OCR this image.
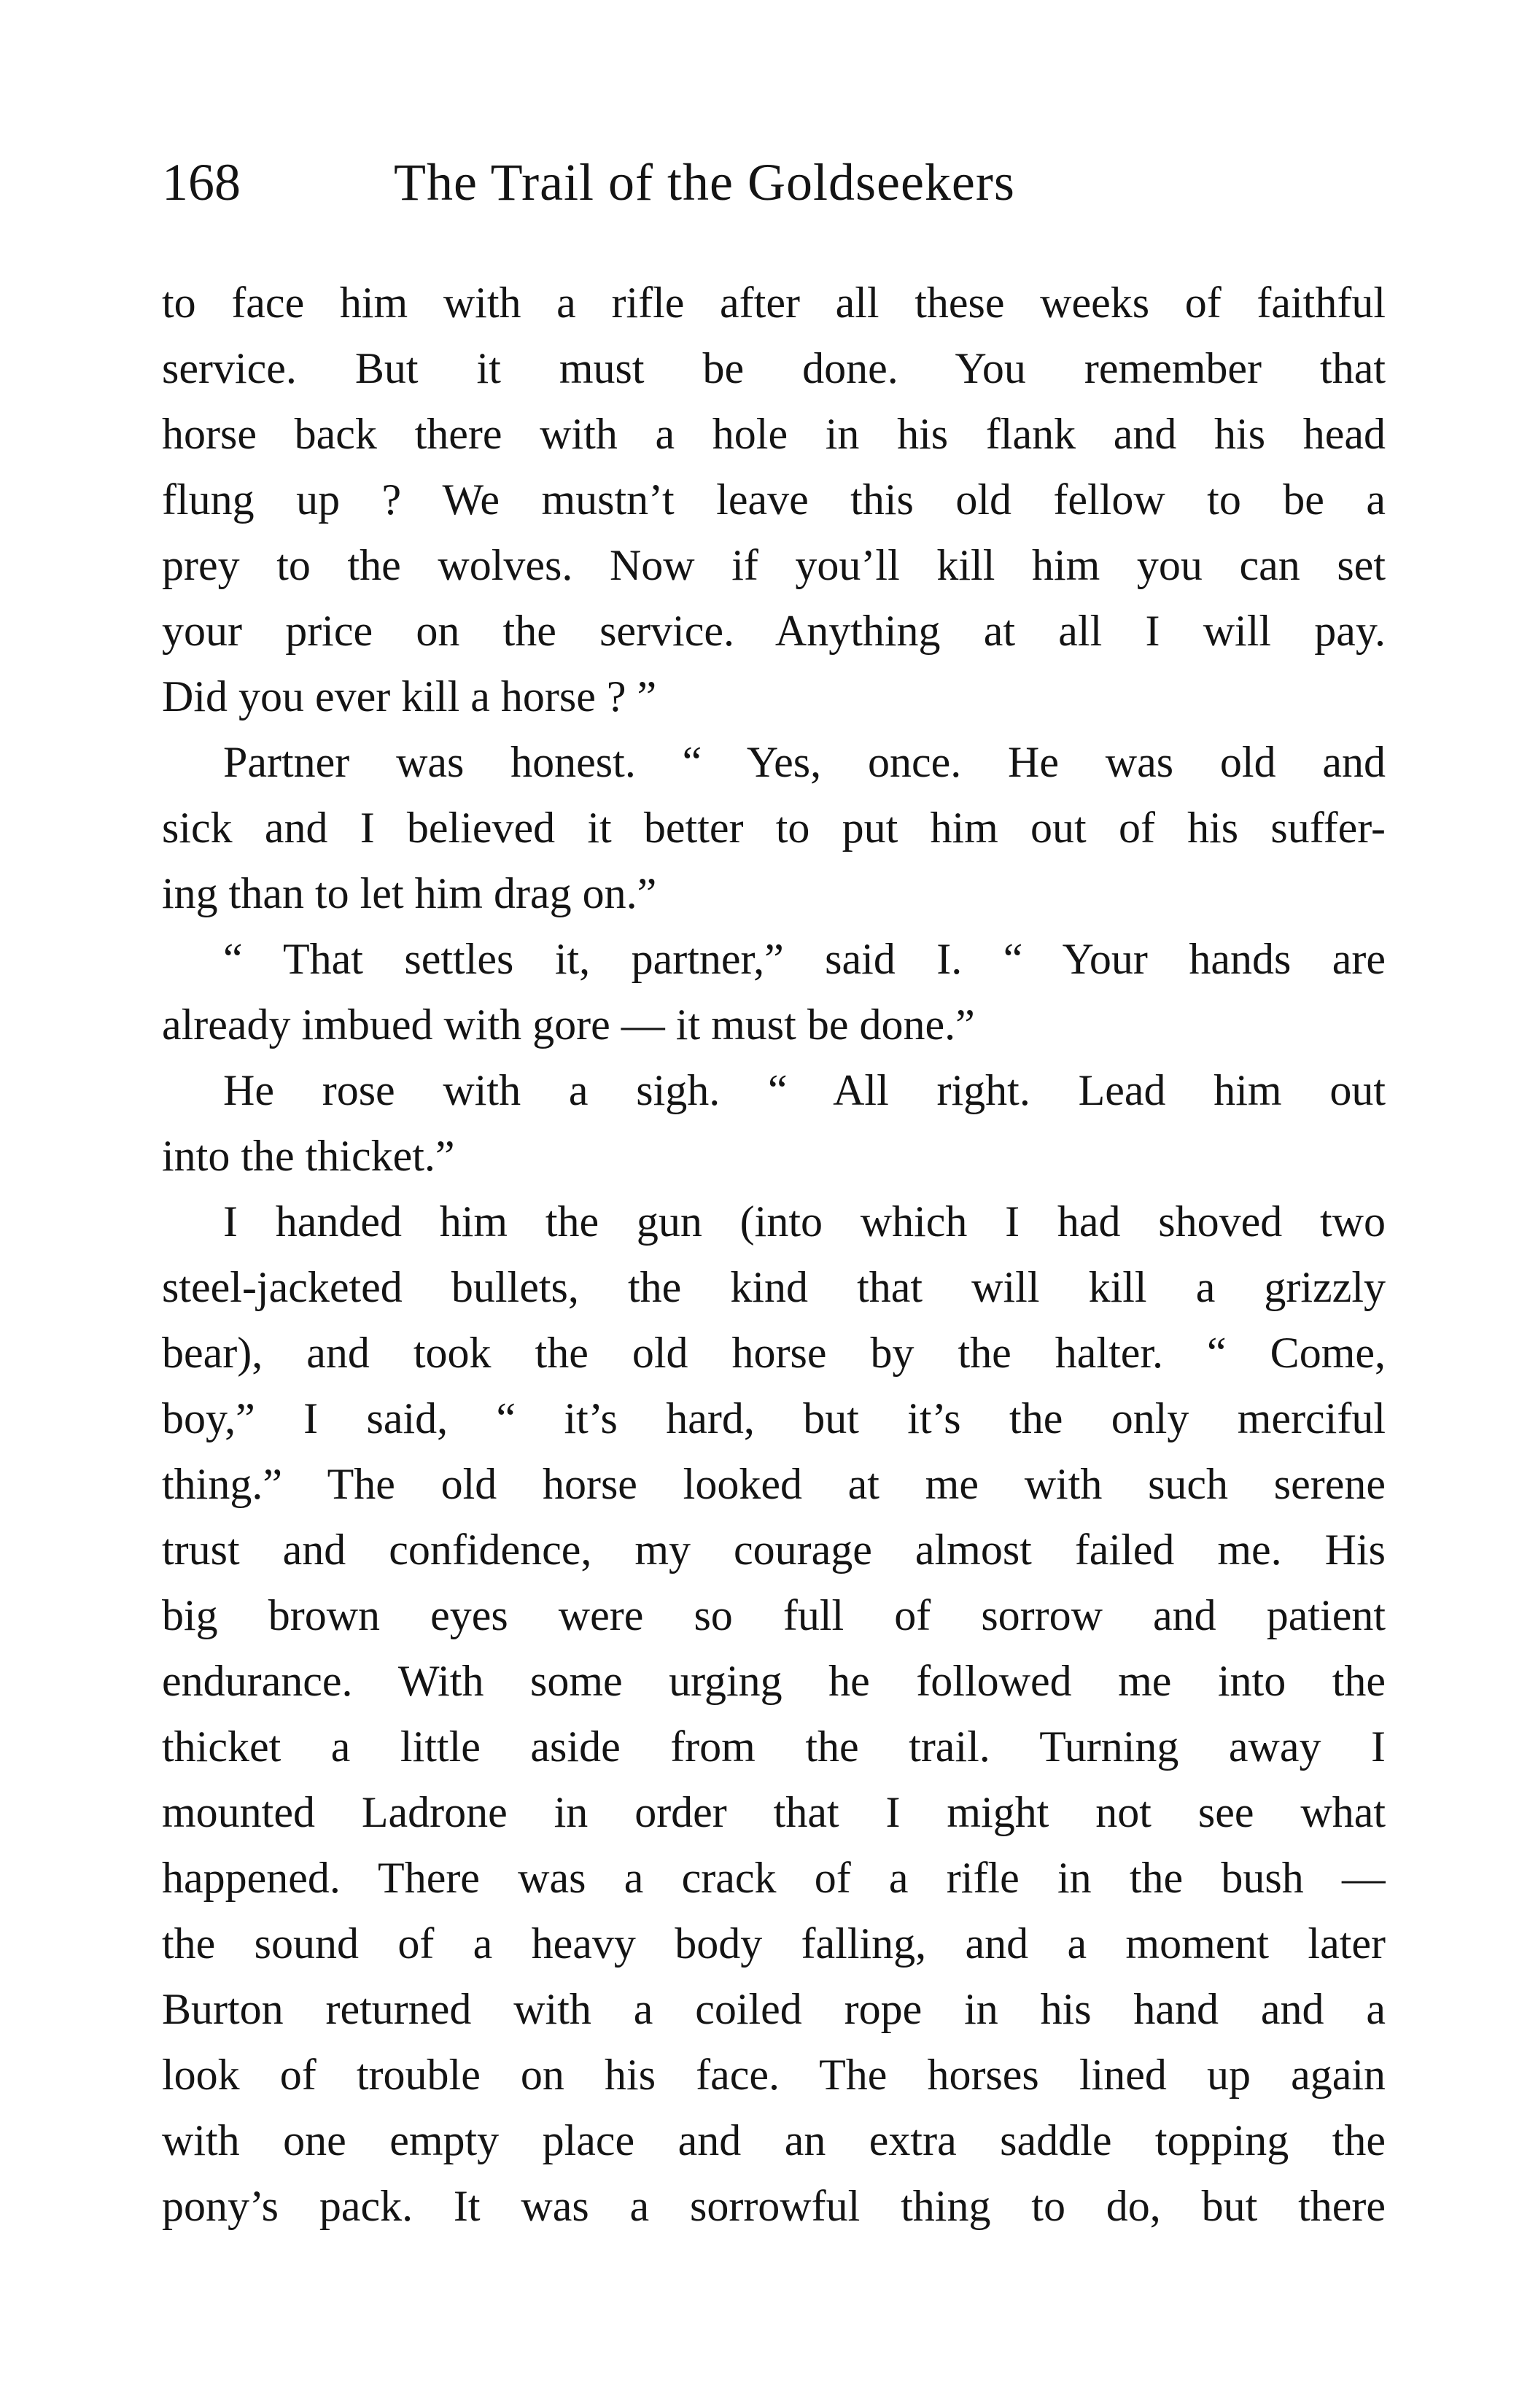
168	The Trail of the Goldseekers
to face him with a rifle after all these weeks of faithful
service. But it must be done. You remember that
horse back there with a hole in his flank and his head
flung up ? We mustn’t leave this old fellow to be a
prey to the wolves. Now if you’ll kill him you can set
your price on the service. Anything at all I will pay.
Did you ever kill a horse ? ”
Partner was honest. “ Yes, once. He was old and
sick and I believed it better to put him out of his suffer-
ing than to let him drag on.”
“ That settles it, partner,” said I. “ Your hands are
already imbued with gore — it must be done.”
He rose with a sigh. “ All right. Lead him out
into the thicket.”
I handed him the gun (into which I had shoved two
steel-jacketed bullets, the kind that will kill a grizzly
bear), and took the old horse by the halter. “ Come,
boy,” I said, “ it’s hard, but it’s the only merciful
thing.” The old horse looked at me with such serene
trust and confidence, my courage almost failed me. His
big brown eyes were so full of sorrow and patient
endurance. With some urging he followed me into the
thicket a little aside from the trail. Turning away I
mounted Ladrone in order that I might not see what
happened. There was a crack of a rifle in the bush —
the sound of a heavy body falling, and a moment later
Burton returned with a coiled rope in his hand and a
look of trouble on his face. The horses lined up again
with one empty place and an extra saddle topping the
pony’s pack. It was a sorrowful thing to do, but there
